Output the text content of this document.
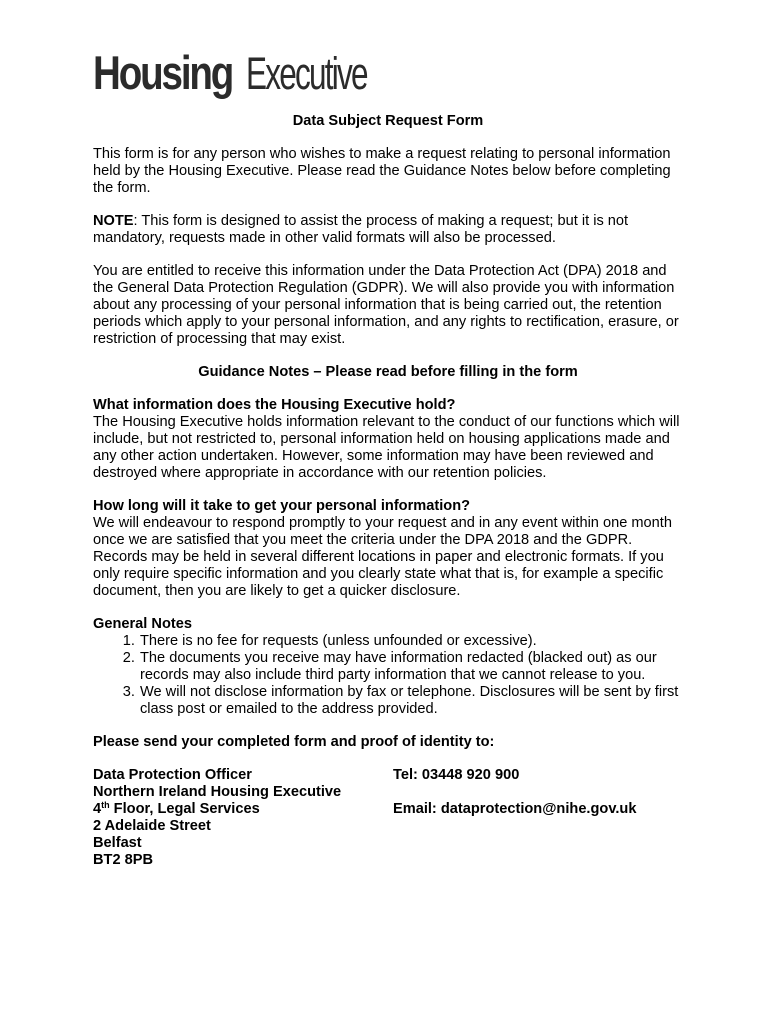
Housing Executive
Data Subject Request Form

This form is for any person who wishes to make a request relating to personal information held by the Housing Executive. Please read the Guidance Notes below before completing the form.

NOTE: This form is designed to assist the process of making a request; but it is not mandatory, requests made in other valid formats will also be processed.

You are entitled to receive this information under the Data Protection Act (DPA) 2018 and the General Data Protection Regulation (GDPR). We will also provide you with information about any processing of your personal information that is being carried out, the retention periods which apply to your personal information, and any rights to rectification, erasure, or restriction of processing that may exist.

Guidance Notes – Please read before filling in the form

What information does the Housing Executive hold?
The Housing Executive holds information relevant to the conduct of our functions which will include, but not restricted to, personal information held on housing applications made and any other action undertaken. However, some information may have been reviewed and destroyed where appropriate in accordance with our retention policies.

How long will it take to get your personal information?
We will endeavour to respond promptly to your request and in any event within one month once we are satisfied that you meet the criteria under the DPA 2018 and the GDPR.
Records may be held in several different locations in paper and electronic formats. If you only require specific information and you clearly state what that is, for example a specific document, then you are likely to get a quicker disclosure.

General Notes
1. There is no fee for requests (unless unfounded or excessive).
2. The documents you receive may have information redacted (blacked out) as our records may also include third party information that we cannot release to you.
3. We will not disclose information by fax or telephone. Disclosures will be sent by first class post or emailed to the address provided.

Please send your completed form and proof of identity to:

Data Protection Officer
Northern Ireland Housing Executive
4th Floor, Legal Services
2 Adelaide Street
Belfast
BT2 8PB
Tel: 03448 920 900
Email: dataprotection@nihe.gov.uk
